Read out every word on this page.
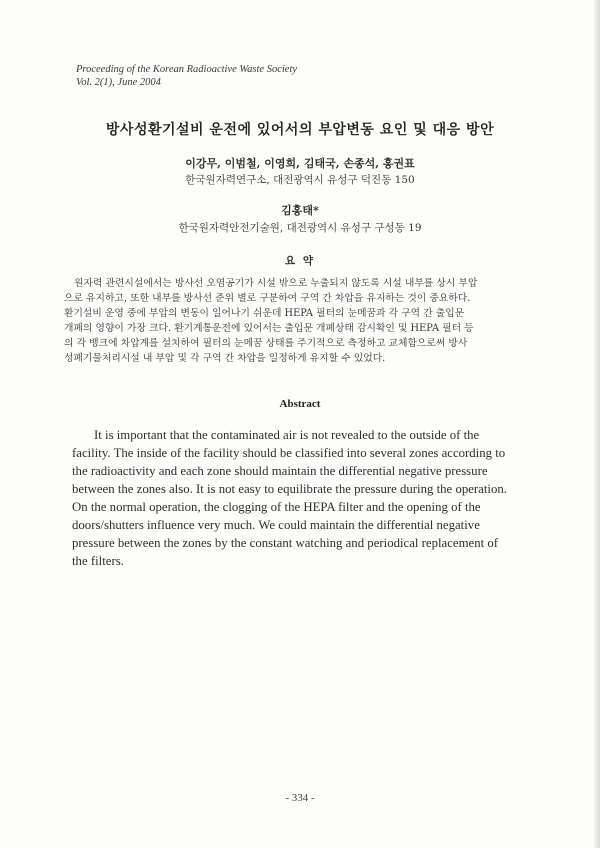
Proceeding of the Korean Radioactive Waste Society
Vol. 2(1), June 2004
방사성환기설비 운전에 있어서의 부압변동 요인 및 대응 방안
이강무, 이범철, 이영희, 김태국, 손종석, 홍권표
한국원자력연구소, 대전광역시 유성구 덕진동 150
김홍태*
한국원자력안전기술원, 대전광역시 유성구 구성동 19
요 약
원자력 관련시설에서는 방사선 오염공기가 시설 밖으로 누출되지 않도록 시설 내부를 상시 부압
으로 유지하고, 또한 내부를 방사선 준위 별로 구분하여 구역 간 차압을 유지하는 것이 중요하다.
환기설비 운영 중에 부압의 변동이 일어나기 쉬운데 HEPA 필터의 눈메꿈과 각 구역 간 출입문
개폐의 영향이 가장 크다. 환기계통운전에 있어서는 출입문 개폐상태 감시확인 및 HEPA 필터 등
의 각 뱅크에 차압계를 설치하여 필터의 눈메꿈 상태를 주기적으로 측정하고 교체함으로써 방사
성폐기물처리시설 내 부압 및 각 구역 간 차압을 일정하게 유지할 수 있었다.
Abstract
It is important that the contaminated air is not revealed to the outside of the
facility. The inside of the facility should be classified into several zones according to
the radioactivity and each zone should maintain the differential negative pressure
between the zones also. It is not easy to equilibrate the pressure during the operation.
On the normal operation, the clogging of the HEPA filter and the opening of the
doors/shutters influence very much. We could maintain the differential negative
pressure between the zones by the constant watching and periodical replacement of
the filters.
- 334 -
